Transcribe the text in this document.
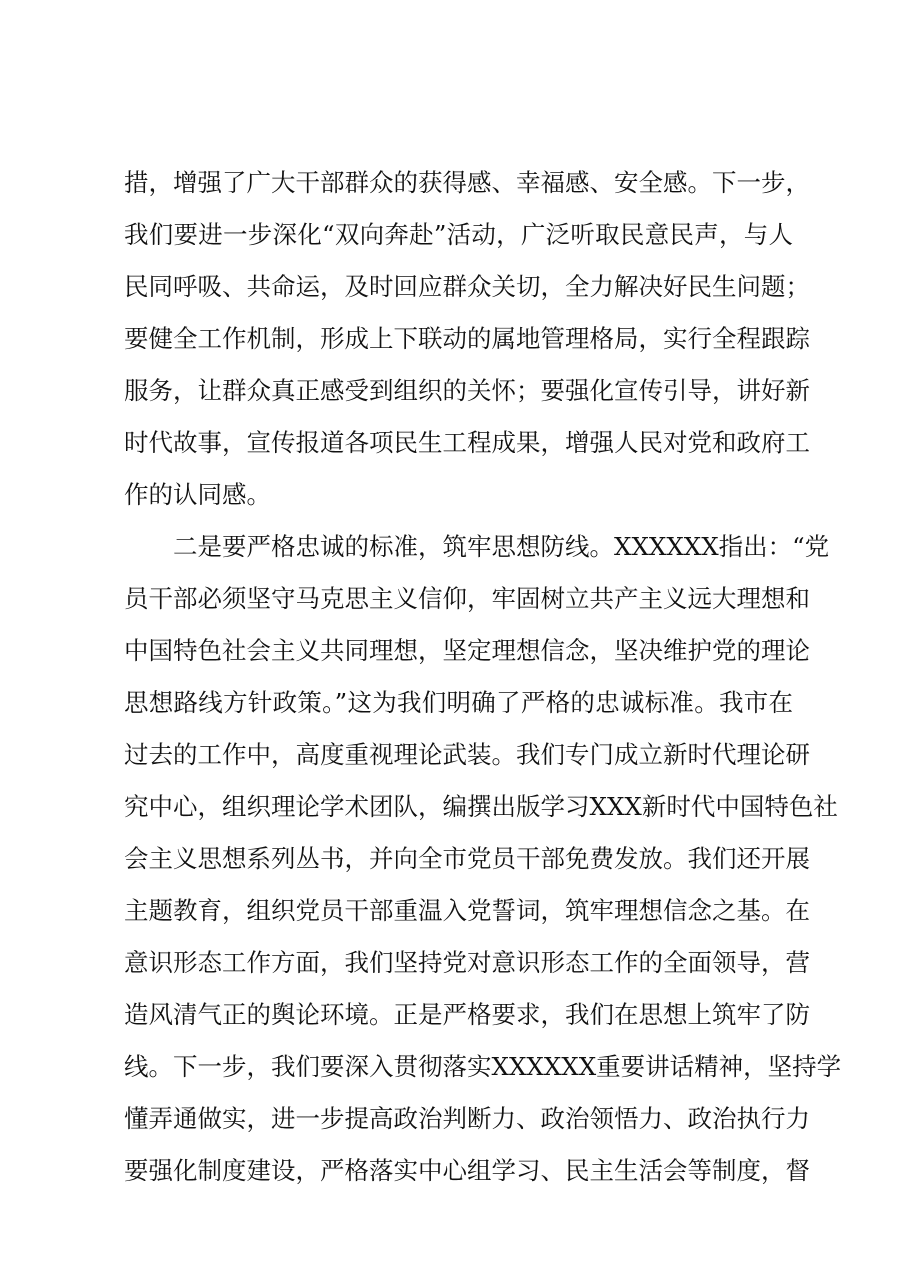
措，增强了广大干部群众的获得感、幸福感、安全感。下一步，
我们要进一步深化“双向奔赴”活动，广泛听取民意民声，与人
民同呼吸、共命运，及时回应群众关切，全力解决好民生问题；
要健全工作机制，形成上下联动的属地管理格局，实行全程跟踪
服务，让群众真正感受到组织的关怀；要强化宣传引导，讲好新
时代故事，宣传报道各项民生工程成果，增强人民对党和政府工
作的认同感。
二是要严格忠诚的标准，筑牢思想防线。XXXXXX指出：“党
员干部必须坚守马克思主义信仰，牢固树立共产主义远大理想和
中国特色社会主义共同理想，坚定理想信念，坚决维护党的理论
思想路线方针政策。”这为我们明确了严格的忠诚标准。我市在
过去的工作中，高度重视理论武装。我们专门成立新时代理论研
究中心，组织理论学术团队，编撰出版学习XXX新时代中国特色社
会主义思想系列丛书，并向全市党员干部免费发放。我们还开展
主题教育，组织党员干部重温入党誓词，筑牢理想信念之基。在
意识形态工作方面，我们坚持党对意识形态工作的全面领导，营
造风清气正的舆论环境。正是严格要求，我们在思想上筑牢了防
线。下一步，我们要深入贯彻落实XXXXXX重要讲话精神，坚持学
懂弄通做实，进一步提高政治判断力、政治领悟力、政治执行力
要强化制度建设，严格落实中心组学习、民主生活会等制度，督
